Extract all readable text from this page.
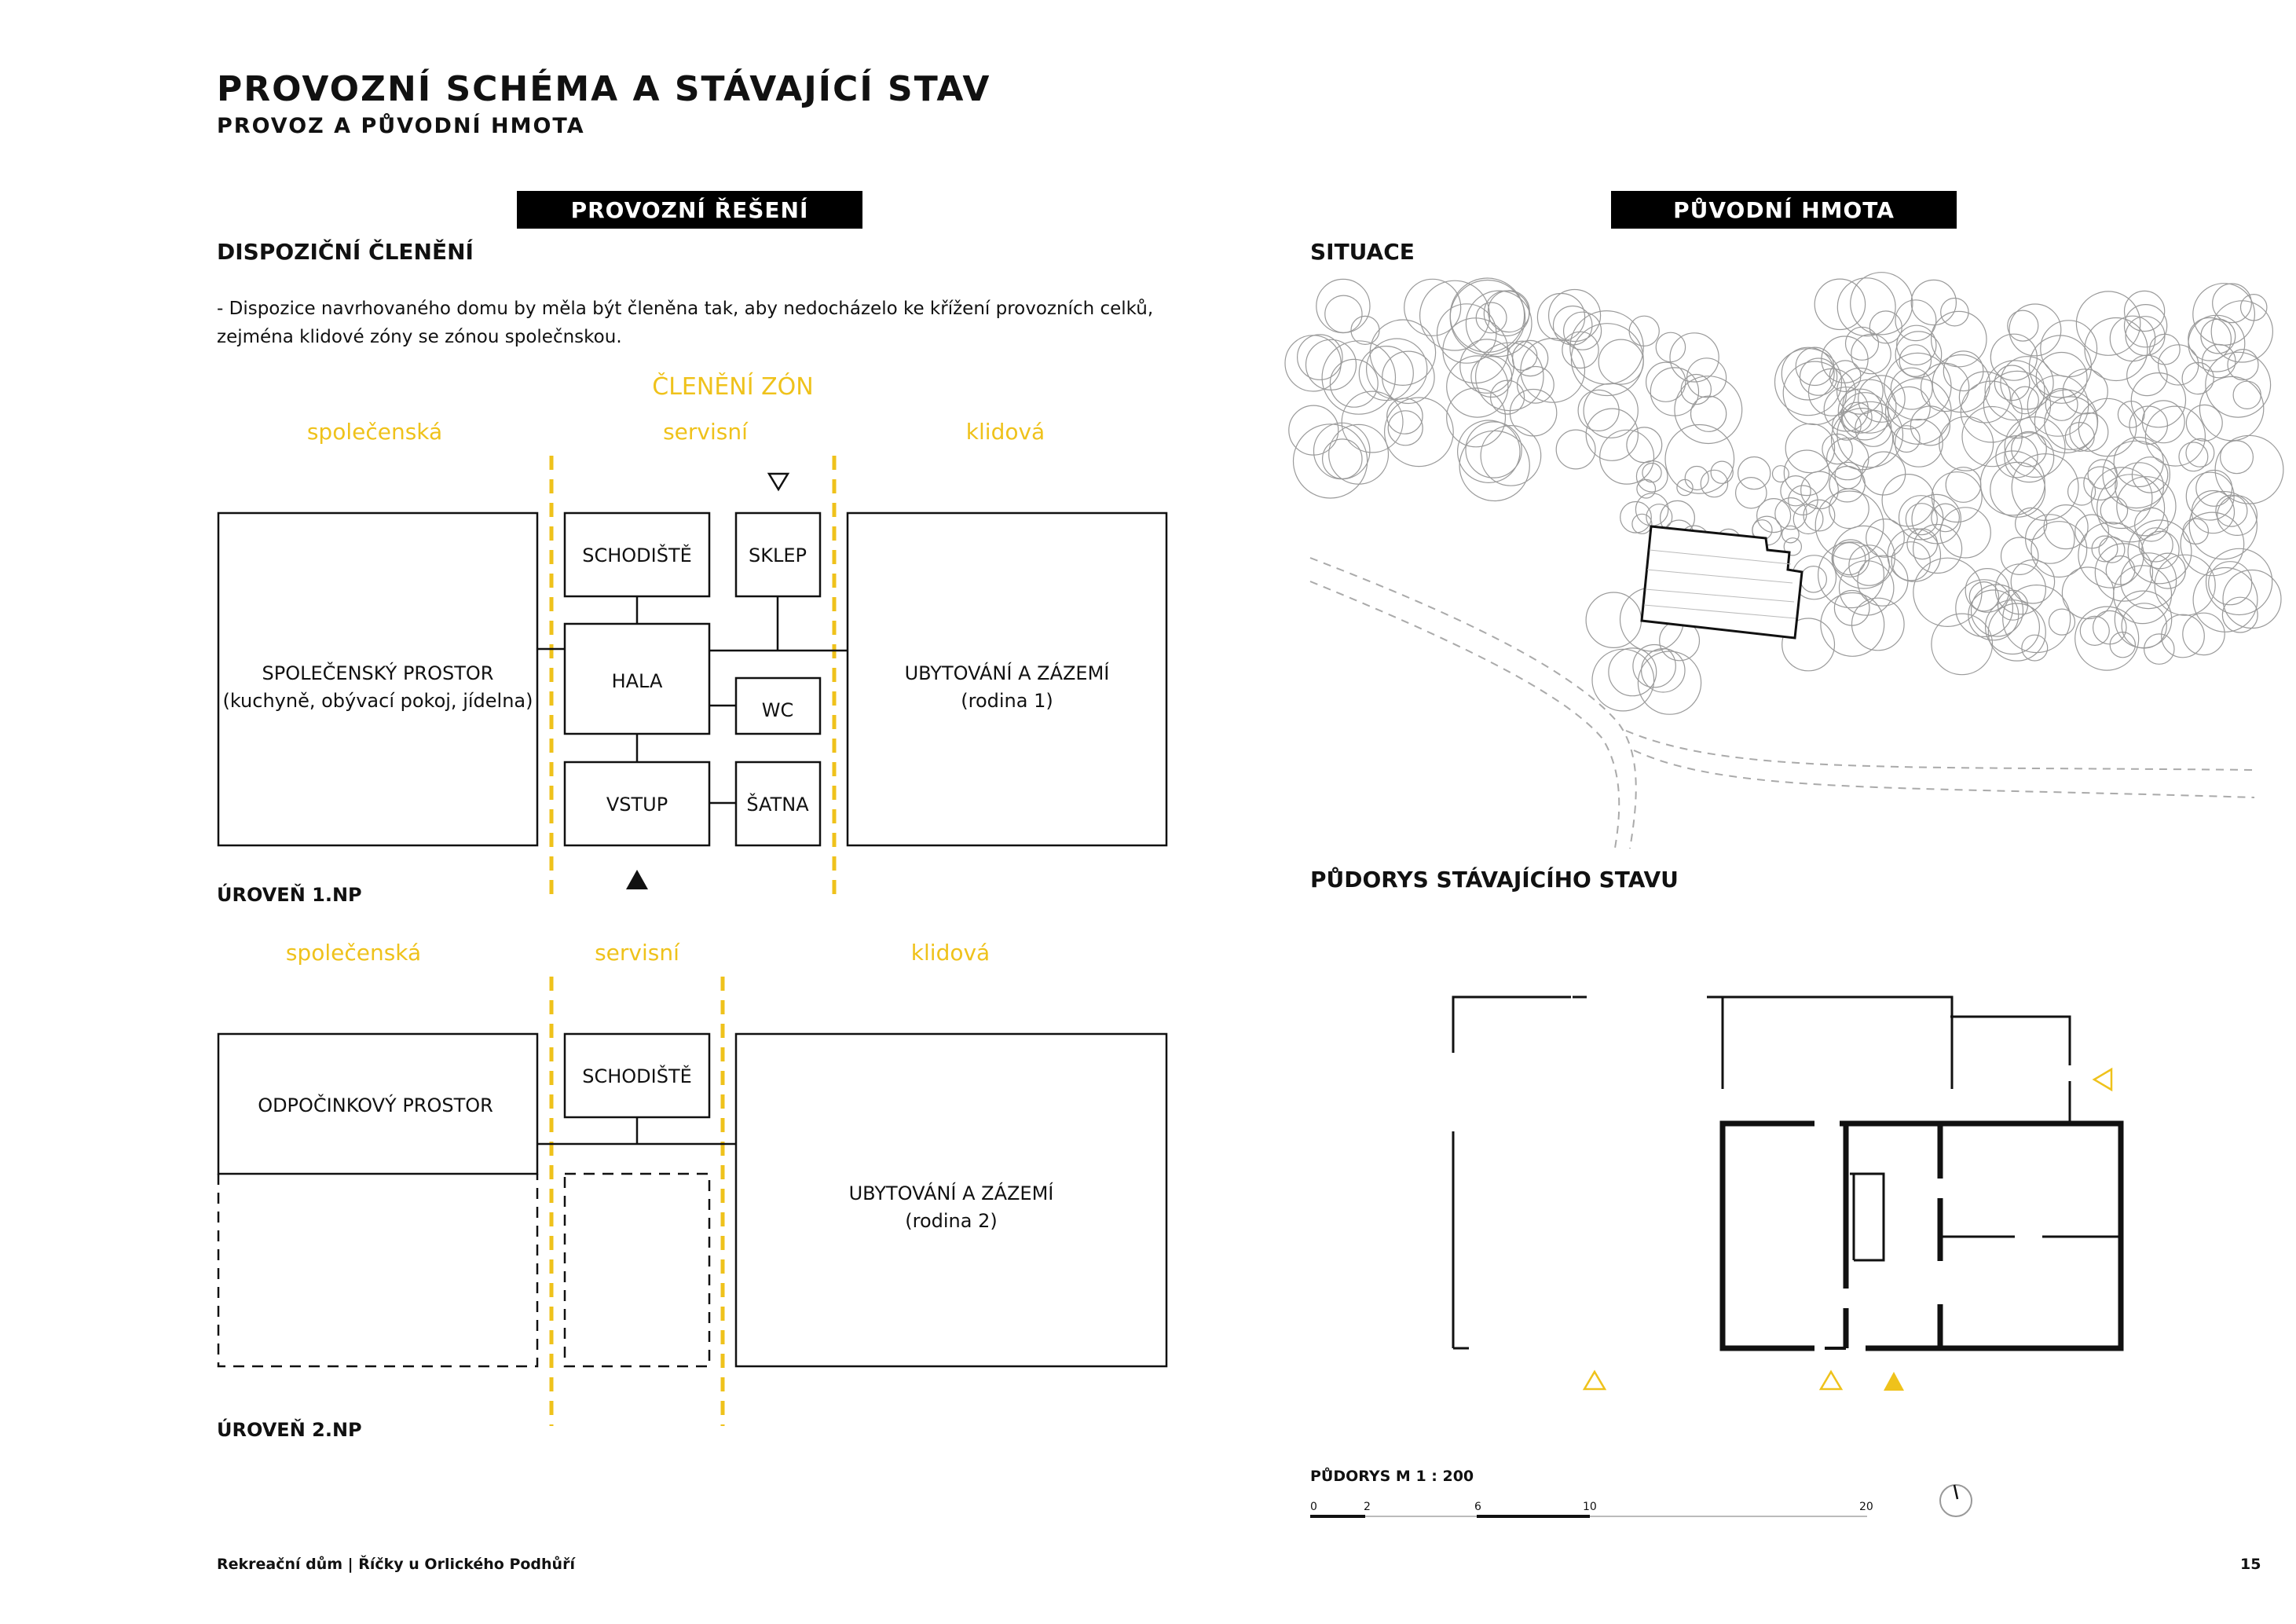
PROVOZNÍ SCHÉMA A STÁVAJÍCÍ STAV
PROVOZ A PŮVODNÍ HMOTA
PROVOZNÍ ŘEŠENÍ
DISPOZIČNÍ ČLENĚNÍ
- Dispozice navrhovaného domu by měla být členěna tak, aby nedocházelo ke křížení provozních celků,
zejména klidové zóny se zónou společnskou.
PŮVODNÍ HMOTA
SITUACE
PŮDORYS STÁVAJÍCÍHO STAVU
ČLENĚNÍ ZÓN
společenská	servisní	klidová
SPOLEČENSKÝ PROSTOR
(kuchyně, obývací pokoj, jídelna)
SCHODIŠTĚ	SKLEP
HALA
WC
VSTUP	ŠATNA
UBYTOVÁNÍ A ZÁZEMÍ
(rodina 1)
ÚROVEŇ 1.NP
společenská	servisní	klidová
ODPOČINKOVÝ PROSTOR
SCHODIŠTĚ
UBYTOVÁNÍ A ZÁZEMÍ
(rodina 2)
ÚROVEŇ 2.NP
PŮDORYS M 1 : 200
0	2	6	10	20
Rekreační dům | Říčky u Orlického Podhůří	15
